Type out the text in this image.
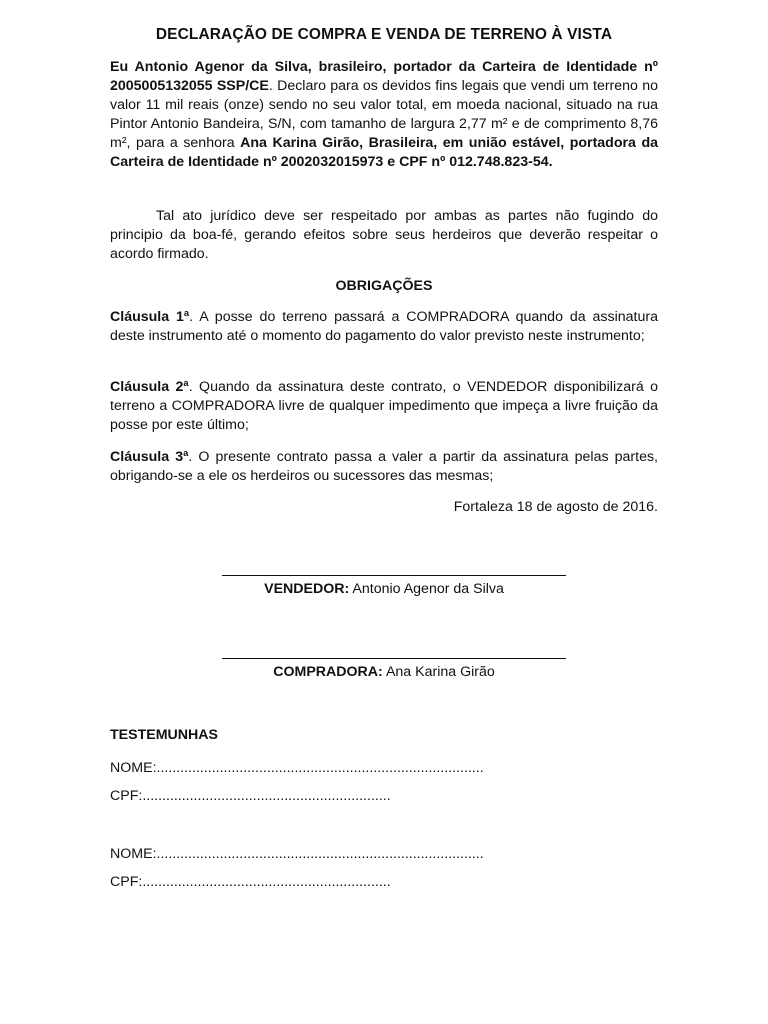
DECLARAÇÃO DE COMPRA E VENDA DE TERRENO À VISTA

Eu Antonio Agenor da Silva, brasileiro, portador da Carteira de Identidade nº 2005005132055 SSP/CE. Declaro para os devidos fins legais que vendi um terreno no valor 11 mil reais (onze) sendo no seu valor total, em moeda nacional, situado na rua Pintor Antonio Bandeira, S/N, com tamanho de largura 2,77 m² e de comprimento 8,76 m², para a senhora Ana Karina Girão, Brasileira, em união estável, portadora da Carteira de Identidade nº 2002032015973 e CPF nº 012.748.823-54.

Tal ato jurídico deve ser respeitado por ambas as partes não fugindo do principio da boa-fé, gerando efeitos sobre seus herdeiros que deverão respeitar o acordo firmado.

OBRIGAÇÕES

Cláusula 1ª. A posse do terreno passará a COMPRADORA quando da assinatura deste instrumento até o momento do pagamento do valor previsto neste instrumento;

Cláusula 2ª. Quando da assinatura deste contrato, o VENDEDOR disponibilizará o terreno a COMPRADORA livre de qualquer impedimento que impeça a livre fruição da posse por este último;

Cláusula 3ª. O presente contrato passa a valer a partir da assinatura pelas partes, obrigando-se a ele os herdeiros ou sucessores das mesmas;

Fortaleza 18 de agosto de 2016.

VENDEDOR: Antonio Agenor da Silva
COMPRADORA: Ana Karina Girão

TESTEMUNHAS

NOME:...................................................................................
CPF:...............................................................
NOME:...................................................................................
CPF:...............................................................
